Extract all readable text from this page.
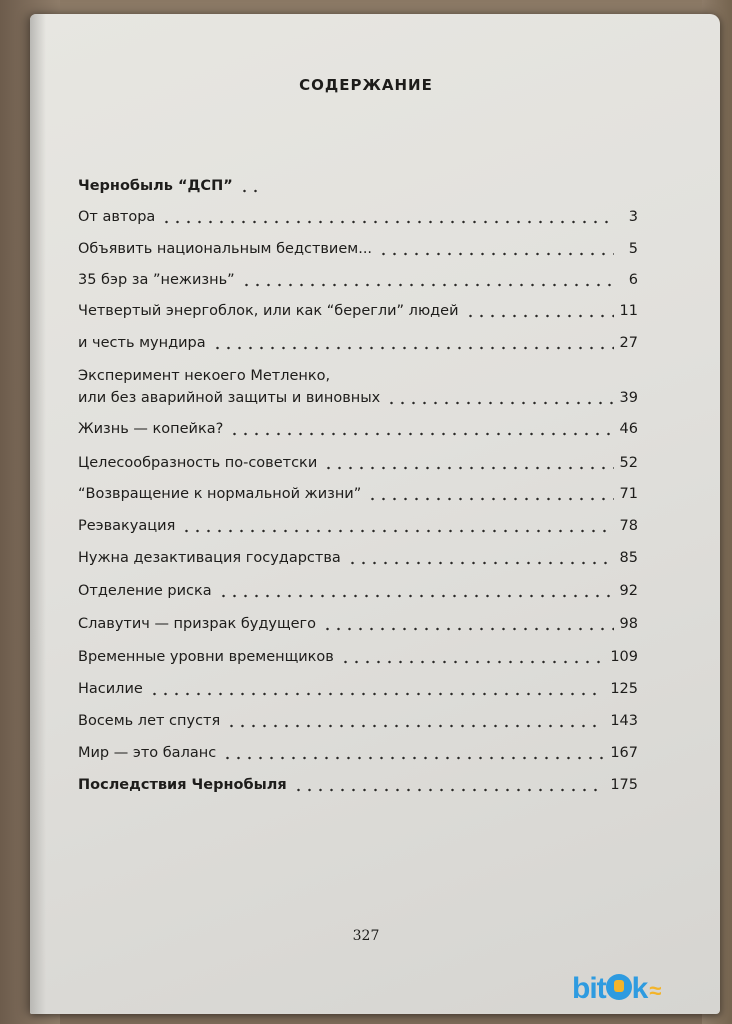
СОДЕРЖАНИЕ
Чернобыль “ДСП”
От автора	3
Объявить национальным бедствием...	5
35 бэр за ”нежизнь”	6
Четвертый энергоблок, или как “берегли” людей	11
и честь мундира	27
Эксперимент некоего Метленко,
или без аварийной защиты и виновных	39
Жизнь — копейка?	46
Целесообразность по-советски	52
“Возвращение к нормальной жизни”	71
Реэвакуация	78
Нужна дезактивация государства	85
Отделение риска	92
Славутич — призрак будущего	98
Временные уровни временщиков	109
Насилие	125
Восемь лет спустя	143
Мир — это баланс	167
Последствия Чернобыля	175
327
bit k≈
